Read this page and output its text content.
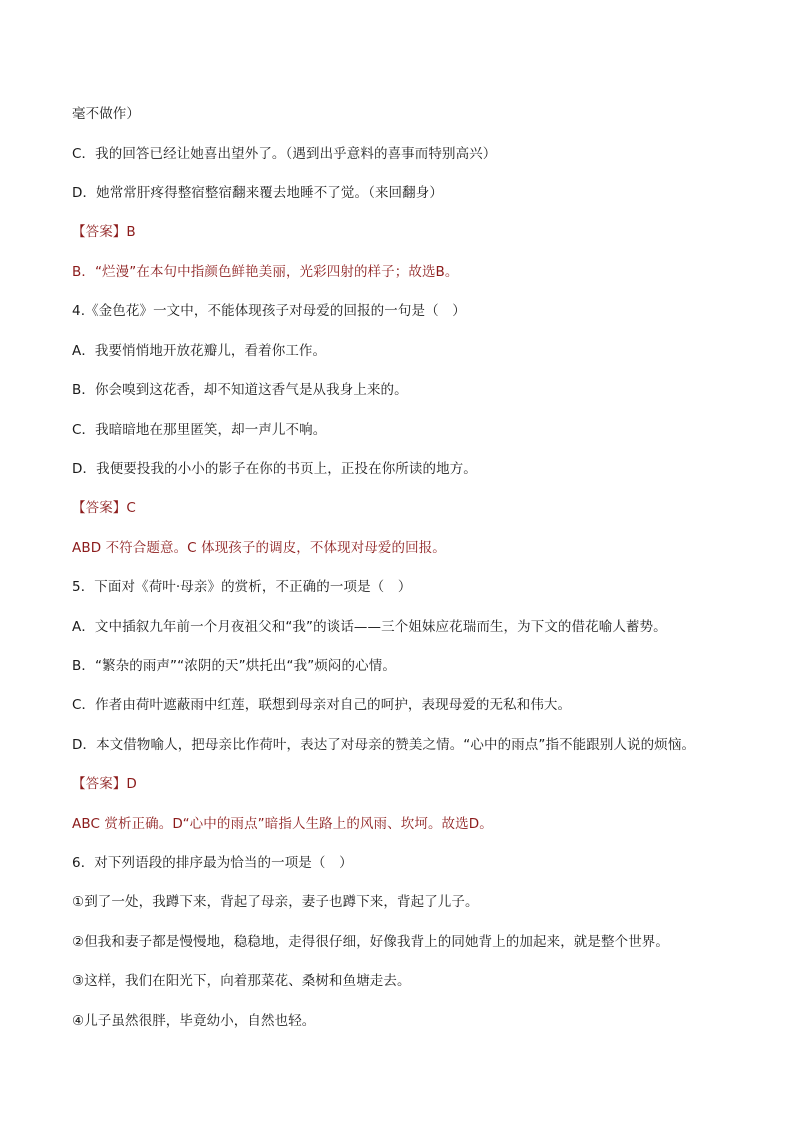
毫不做作）
C．我的回答已经让她喜出望外了。（遇到出乎意料的喜事而特别高兴）
D．她常常肝疼得整宿整宿翻来覆去地睡不了觉。（来回翻身）
【答案】B
B．“烂漫”在本句中指颜色鲜艳美丽，光彩四射的样子；故选B。
4.《金色花》一文中，不能体现孩子对母爱的回报的一句是（　）
A．我要悄悄地开放花瓣儿，看着你工作。
B．你会嗅到这花香，却不知道这香气是从我身上来的。
C．我暗暗地在那里匿笑，却一声儿不响。
D．我便要投我的小小的影子在你的书页上，正投在你所读的地方。
【答案】C
ABD 不符合题意。C 体现孩子的调皮，不体现对母爱的回报。
5．下面对《荷叶·母亲》的赏析，不正确的一项是（　）
A．文中插叙九年前一个月夜祖父和“我”的谈话——三个姐妹应花瑞而生，为下文的借花喻人蓄势。
B．“繁杂的雨声”“浓阴的天”烘托出“我”烦闷的心情。
C．作者由荷叶遮蔽雨中红莲，联想到母亲对自己的呵护，表现母爱的无私和伟大。
D．本文借物喻人，把母亲比作荷叶，表达了对母亲的赞美之情。“心中的雨点”指不能跟别人说的烦恼。
【答案】D
ABC 赏析正确。D“心中的雨点”暗指人生路上的风雨、坎坷。故选D。
6．对下列语段的排序最为恰当的一项是（　）
①到了一处，我蹲下来，背起了母亲，妻子也蹲下来，背起了儿子。
②但我和妻子都是慢慢地，稳稳地，走得很仔细，好像我背上的同她背上的加起来，就是整个世界。
③这样，我们在阳光下，向着那菜花、桑树和鱼塘走去。
④儿子虽然很胖，毕竟幼小，自然也轻。
